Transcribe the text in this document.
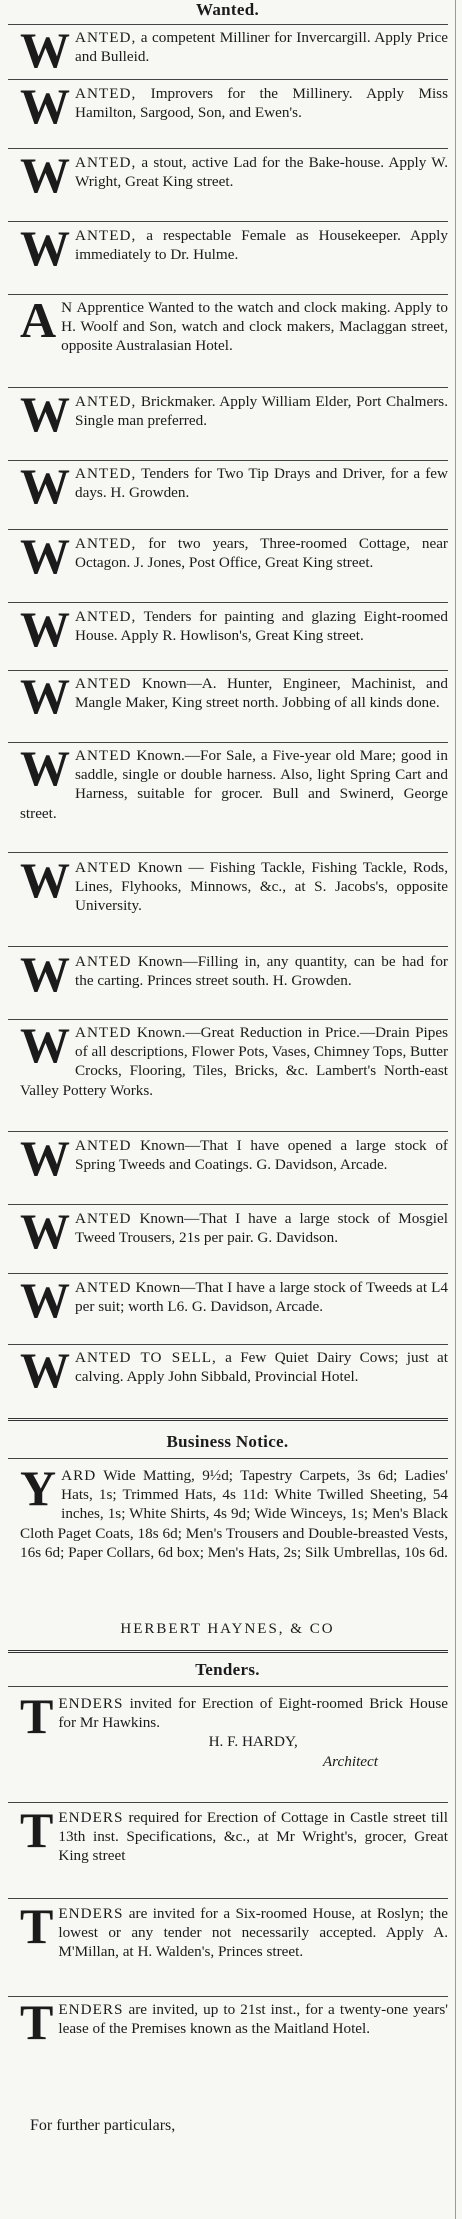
Wanted.
WANTED, a competent Milliner for Invercargill. Apply Price and Bulleid.
WANTED, Improvers for the Millinery. Apply Miss Hamilton, Sargood, Son, and Ewen's.
WANTED, a stout, active Lad for the Bake-house. Apply W. Wright, Great King street.
WANTED, a respectable Female as Housekeeper. Apply immediately to Dr. Hulme.
A N Apprentice Wanted to the watch and clock making. Apply to H. Woolf and Son, watch and clock makers, Maclaggan street, opposite Australasian Hotel.
WANTED, Brickmaker. Apply William Elder, Port Chalmers. Single man preferred.
WANTED, Tenders for Two Tip Drays and Driver, for a few days. H. Growden.
WANTED, for two years, Three-roomed Cottage, near Octagon. J. Jones, Post Office, Great King street.
WANTED, Tenders for painting and glazing Eight-roomed House. Apply R. Howlison's, Great King street.
WANTED Known—A. Hunter, Engineer, Machinist, and Mangle Maker, King street north. Jobbing of all kinds done.
WANTED Known.—For Sale, a Five-year old Mare; good in saddle, single or double harness. Also, light Spring Cart and Harness, suitable for grocer. Bull and Swinerd, George street.
WANTED Known — Fishing Tackle, Fishing Tackle, Rods, Lines, Flyhooks, Minnows, &c., at S. Jacobs's, opposite University.
WANTED Known—Filling in, any quantity, can be had for the carting. Princes street south. H. Growden.
WANTED Known.—Great Reduction in Price.—Drain Pipes of all descriptions, Flower Pots, Vases, Chimney Tops, Butter Crocks, Flooring, Tiles, Bricks, &c. Lambert's North-east Valley Pottery Works.
WANTED Known—That I have opened a large stock of Spring Tweeds and Coatings. G. Davidson, Arcade.
WANTED Known—That I have a large stock of Mosgiel Tweed Trousers, 21s per pair. G. Davidson.
WANTED Known—That I have a large stock of Tweeds at L4 per suit; worth L6. G. Davidson, Arcade.
WANTED TO SELL, a Few Quiet Dairy Cows; just at calving. Apply John Sibbald, Provincial Hotel.
Business Notice.
YARD Wide Matting, 9½d; Tapestry Carpets, 3s 6d; Ladies' Hats, 1s; Trimmed Hats, 4s 11d: White Twilled Sheeting, 54 inches, 1s; White Shirts, 4s 9d; Wide Winceys, 1s; Men's Black Cloth Paget Coats, 18s 6d; Men's Trousers and Double-breasted Vests, 16s 6d; Paper Collars, 6d box; Men's Hats, 2s; Silk Umbrellas, 10s 6d.
HERBERT HAYNES, & CO
Tenders.
TENDERS invited for Erection of Eight-roomed Brick House for Mr Hawkins.
H. F. HARDY,
Architect
TENDERS required for Erection of Cottage in Castle street till 13th inst. Specifications, &c., at Mr Wright's, grocer, Great King street
TENDERS are invited for a Six-roomed House, at Roslyn; the lowest or any tender not necessarily accepted. Apply A. M'Millan, at H. Walden's, Princes street.
TENDERS are invited, up to 21st inst., for a twenty-one years' lease of the Premises known as the Maitland Hotel.
For further particulars,
